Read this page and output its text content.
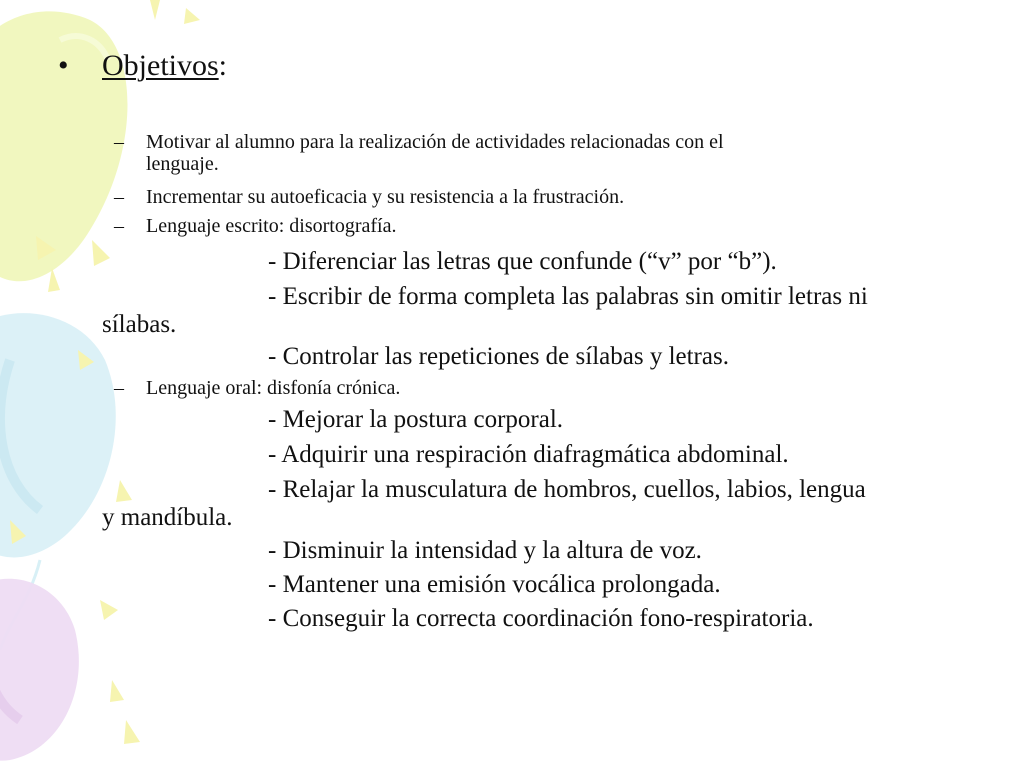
• Objetivos:
– Motivar al alumno para la realización de actividades relacionadas con el
lenguaje.
– Incrementar su autoeficacia y su resistencia a la frustración.
– Lenguaje escrito: disortografía.
- Diferenciar las letras que confunde (“v” por “b”).
- Escribir de forma completa las palabras sin omitir letras ni
sílabas.
- Controlar las repeticiones de sílabas y letras.
– Lenguaje oral: disfonía crónica.
- Mejorar la postura corporal.
- Adquirir una respiración diafragmática abdominal.
- Relajar la musculatura de hombros, cuellos, labios, lengua
y mandíbula.
- Disminuir la intensidad y la altura de voz.
- Mantener una emisión vocálica prolongada.
- Conseguir la correcta coordinación fono-respiratoria.
